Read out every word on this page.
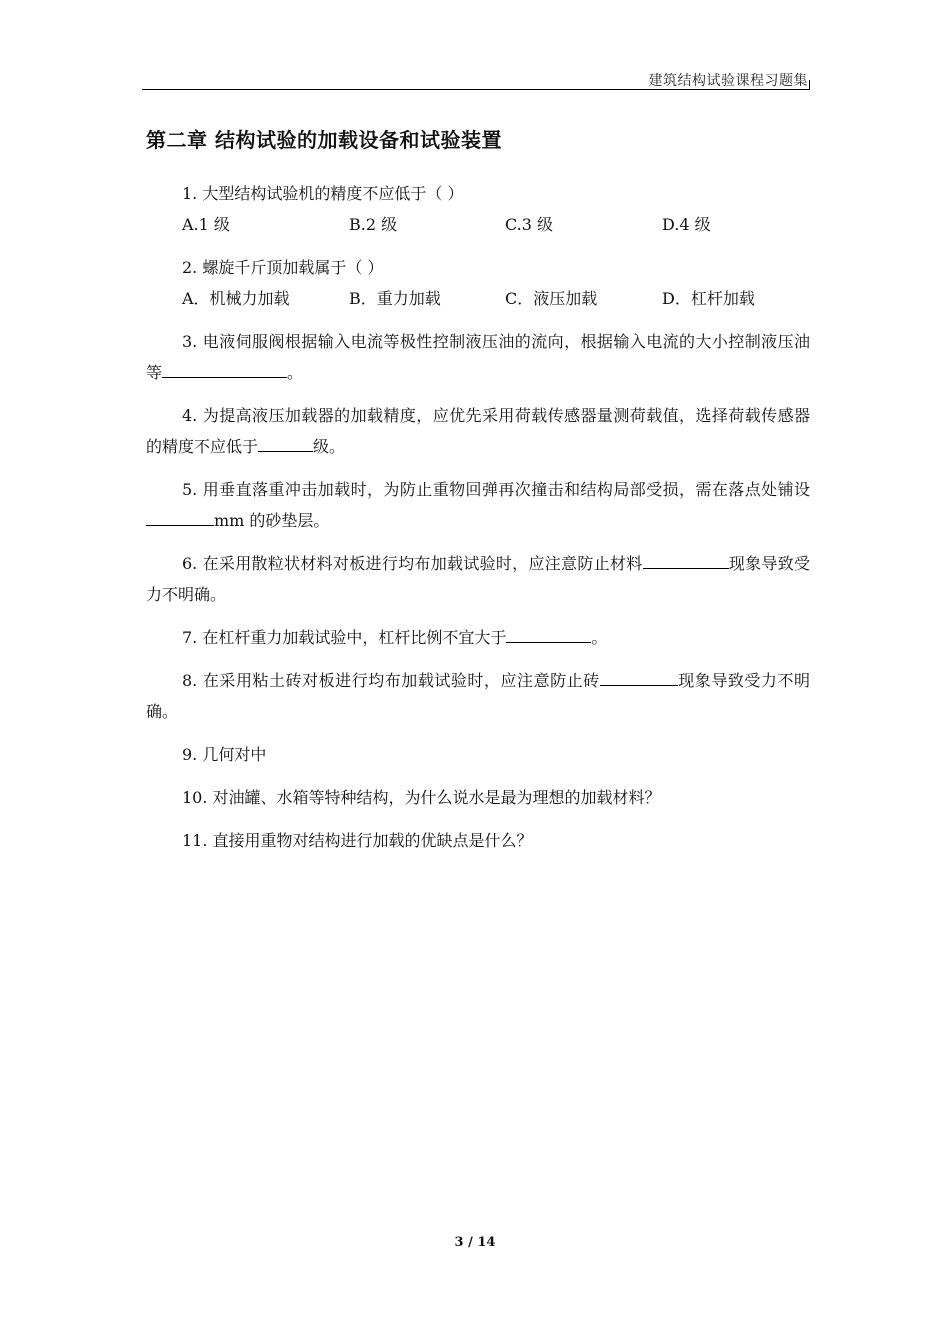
建筑结构试验课程习题集
第二章 结构试验的加载设备和试验装置

1. 大型结构试验机的精度不应低于（ ）

A.1 级	B.2 级	C.3 级	D.4 级

2. 螺旋千斤顶加载属于（ ）

A．机械力加载	B．重力加载	C．液压加载	D．杠杆加载

3. 电液伺服阀根据输入电流等极性控制液压油的流向，根据输入电流的大小控制液压油等	。

4. 为提高液压加载器的加载精度，应优先采用荷载传感器量测荷载值，选择荷载传感器的精度不应低于	级。

5. 用垂直落重冲击加载时，为防止重物回弹再次撞击和结构局部受损，需在落点处铺设mm 的砂垫层。

6. 在采用散粒状材料对板进行均布加载试验时，应注意防止材料	现象导致受力不明确。

7. 在杠杆重力加载试验中，杠杆比例不宜大于	。

8. 在采用粘土砖对板进行均布加载试验时，应注意防止砖	现象导致受力不明确。

9. 几何对中

10. 对油罐、水箱等特种结构，为什么说水是最为理想的加载材料？

11. 直接用重物对结构进行加载的优缺点是什么？

3 / 14
